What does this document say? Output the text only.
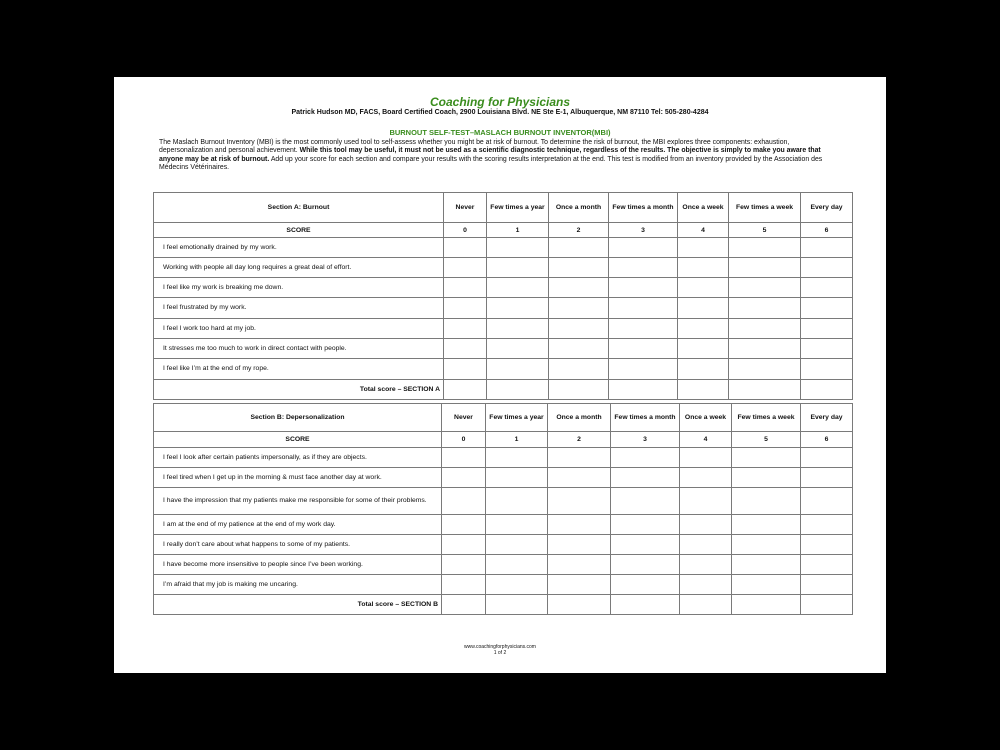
Coaching for Physicians
Patrick Hudson MD, FACS, Board Certified Coach, 2900 Louisiana Blvd. NE Ste E-1, Albuquerque, NM 87110 Tel: 505-280-4284
BURNOUT SELF-TEST–MASLACH BURNOUT INVENTOR(MBI)
The Maslach Burnout Inventory (MBI) is the most commonly used tool to self-assess whether you might be at risk of burnout. To determine the risk of burnout, the MBI explores three components: exhaustion, depersonalization and personal achievement. While this tool may be useful, it must not be used as a scientific diagnostic technique, regardless of the results. The objective is simply to make you aware that anyone may be at risk of burnout. Add up your score for each section and compare your results with the scoring results interpretation at the end. This test is modified from an inventory provided by the Association des Médecins Vétérinaires.
Section A: Burnout	Never	Few times a year	Once a month	Few times a month	Once a week	Few times a week	Every day
SCORE	0	1	2	3	4	5	6
I feel emotionally drained by my work.							
Working with people all day long requires a great deal of effort.							
I feel like my work is breaking me down.							
I feel frustrated by my work.							
I feel I work too hard at my job.							
It stresses me too much to work in direct contact with people.							
I feel like I’m at the end of my rope.							
Total score – SECTION A							
Section B: Depersonalization	Never	Few times a year	Once a month	Few times a month	Once a week	Few times a week	Every day
SCORE	0	1	2	3	4	5	6
I feel I look after certain patients impersonally, as if they are objects.							
I feel tired when I get up in the morning & must face another day at work.							
I have the impression that my patients make me responsible for some of their problems.							
I am at the end of my patience at the end of my work day.							
I really don’t care about what happens to some of my patients.							
I have become more insensitive to people since I’ve been working.							
I’m afraid that my job is making me uncaring.							
Total score – SECTION B							
www.coachingforphysicians.com
1 of 2
